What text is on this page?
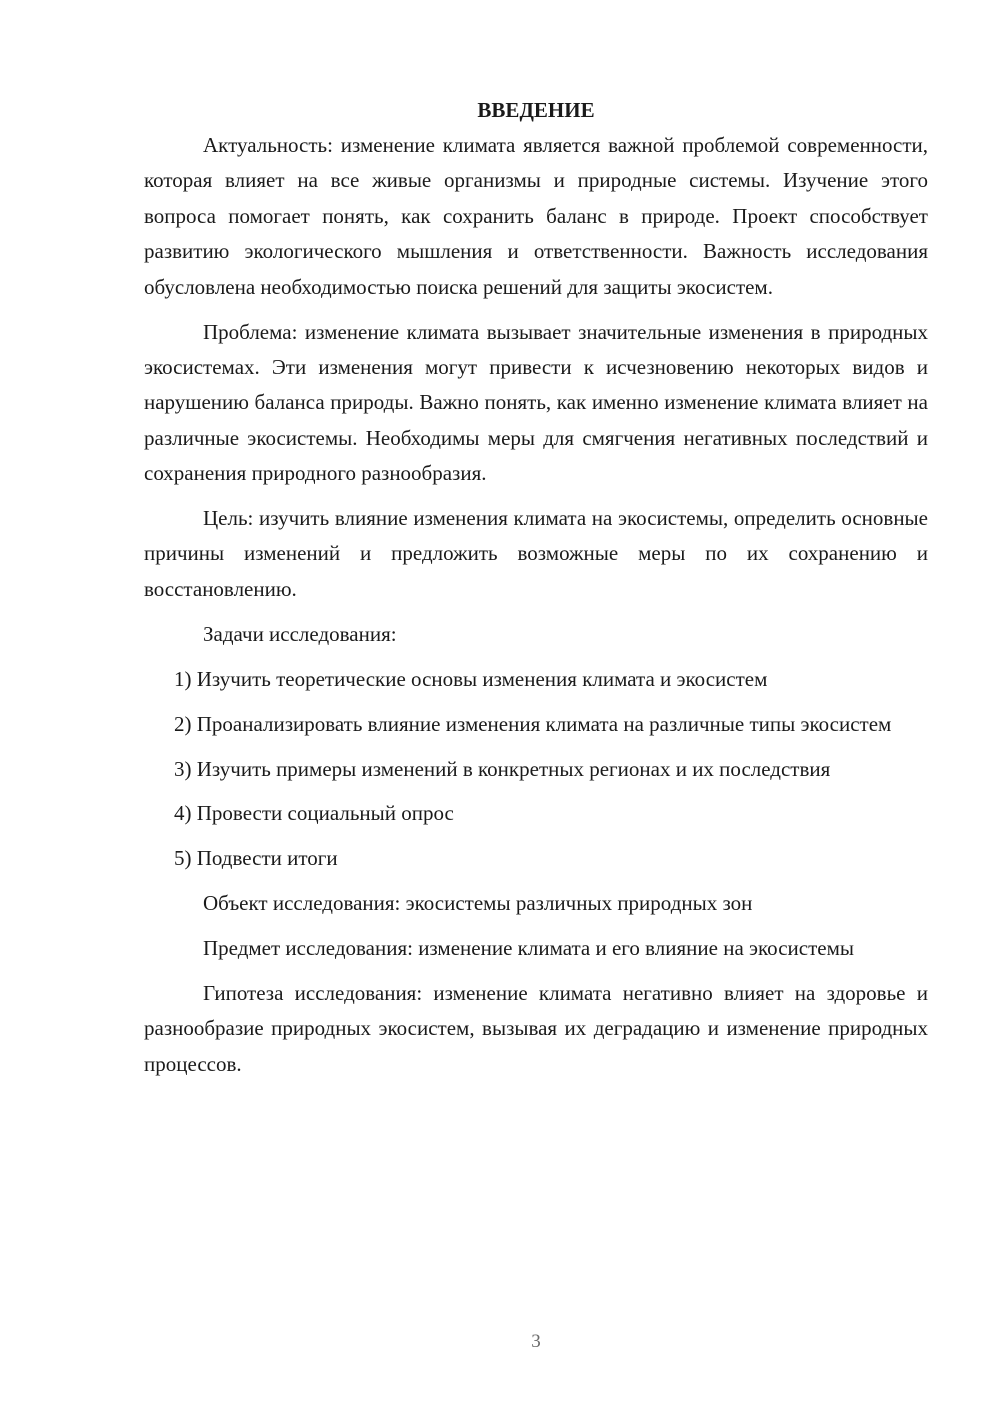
ВВЕДЕНИЕ

Актуальность: изменение климата является важной проблемой современности, которая влияет на все живые организмы и природные системы. Изучение этого вопроса помогает понять, как сохранить баланс в природе. Проект способствует развитию экологического мышления и ответственности. Важность исследования обусловлена необходимостью поиска решений для защиты экосистем.

Проблема: изменение климата вызывает значительные изменения в природных экосистемах. Эти изменения могут привести к исчезновению некоторых видов и нарушению баланса природы. Важно понять, как именно изменение климата влияет на различные экосистемы. Необходимы меры для смягчения негативных последствий и сохранения природного разнообразия.

Цель: изучить влияние изменения климата на экосистемы, определить основные причины изменений и предложить возможные меры по их сохранению и восстановлению.

Задачи исследования:

1) Изучить теоретические основы изменения климата и экосистем

2) Проанализировать влияние изменения климата на различные типы экосистем

3) Изучить примеры изменений в конкретных регионах и их последствия

4) Провести социальный опрос

5) Подвести итоги

Объект исследования: экосистемы различных природных зон

Предмет исследования: изменение климата и его влияние на экосистемы

Гипотеза исследования: изменение климата негативно влияет на здоровье и разнообразие природных экосистем, вызывая их деградацию и изменение природных процессов.

3
